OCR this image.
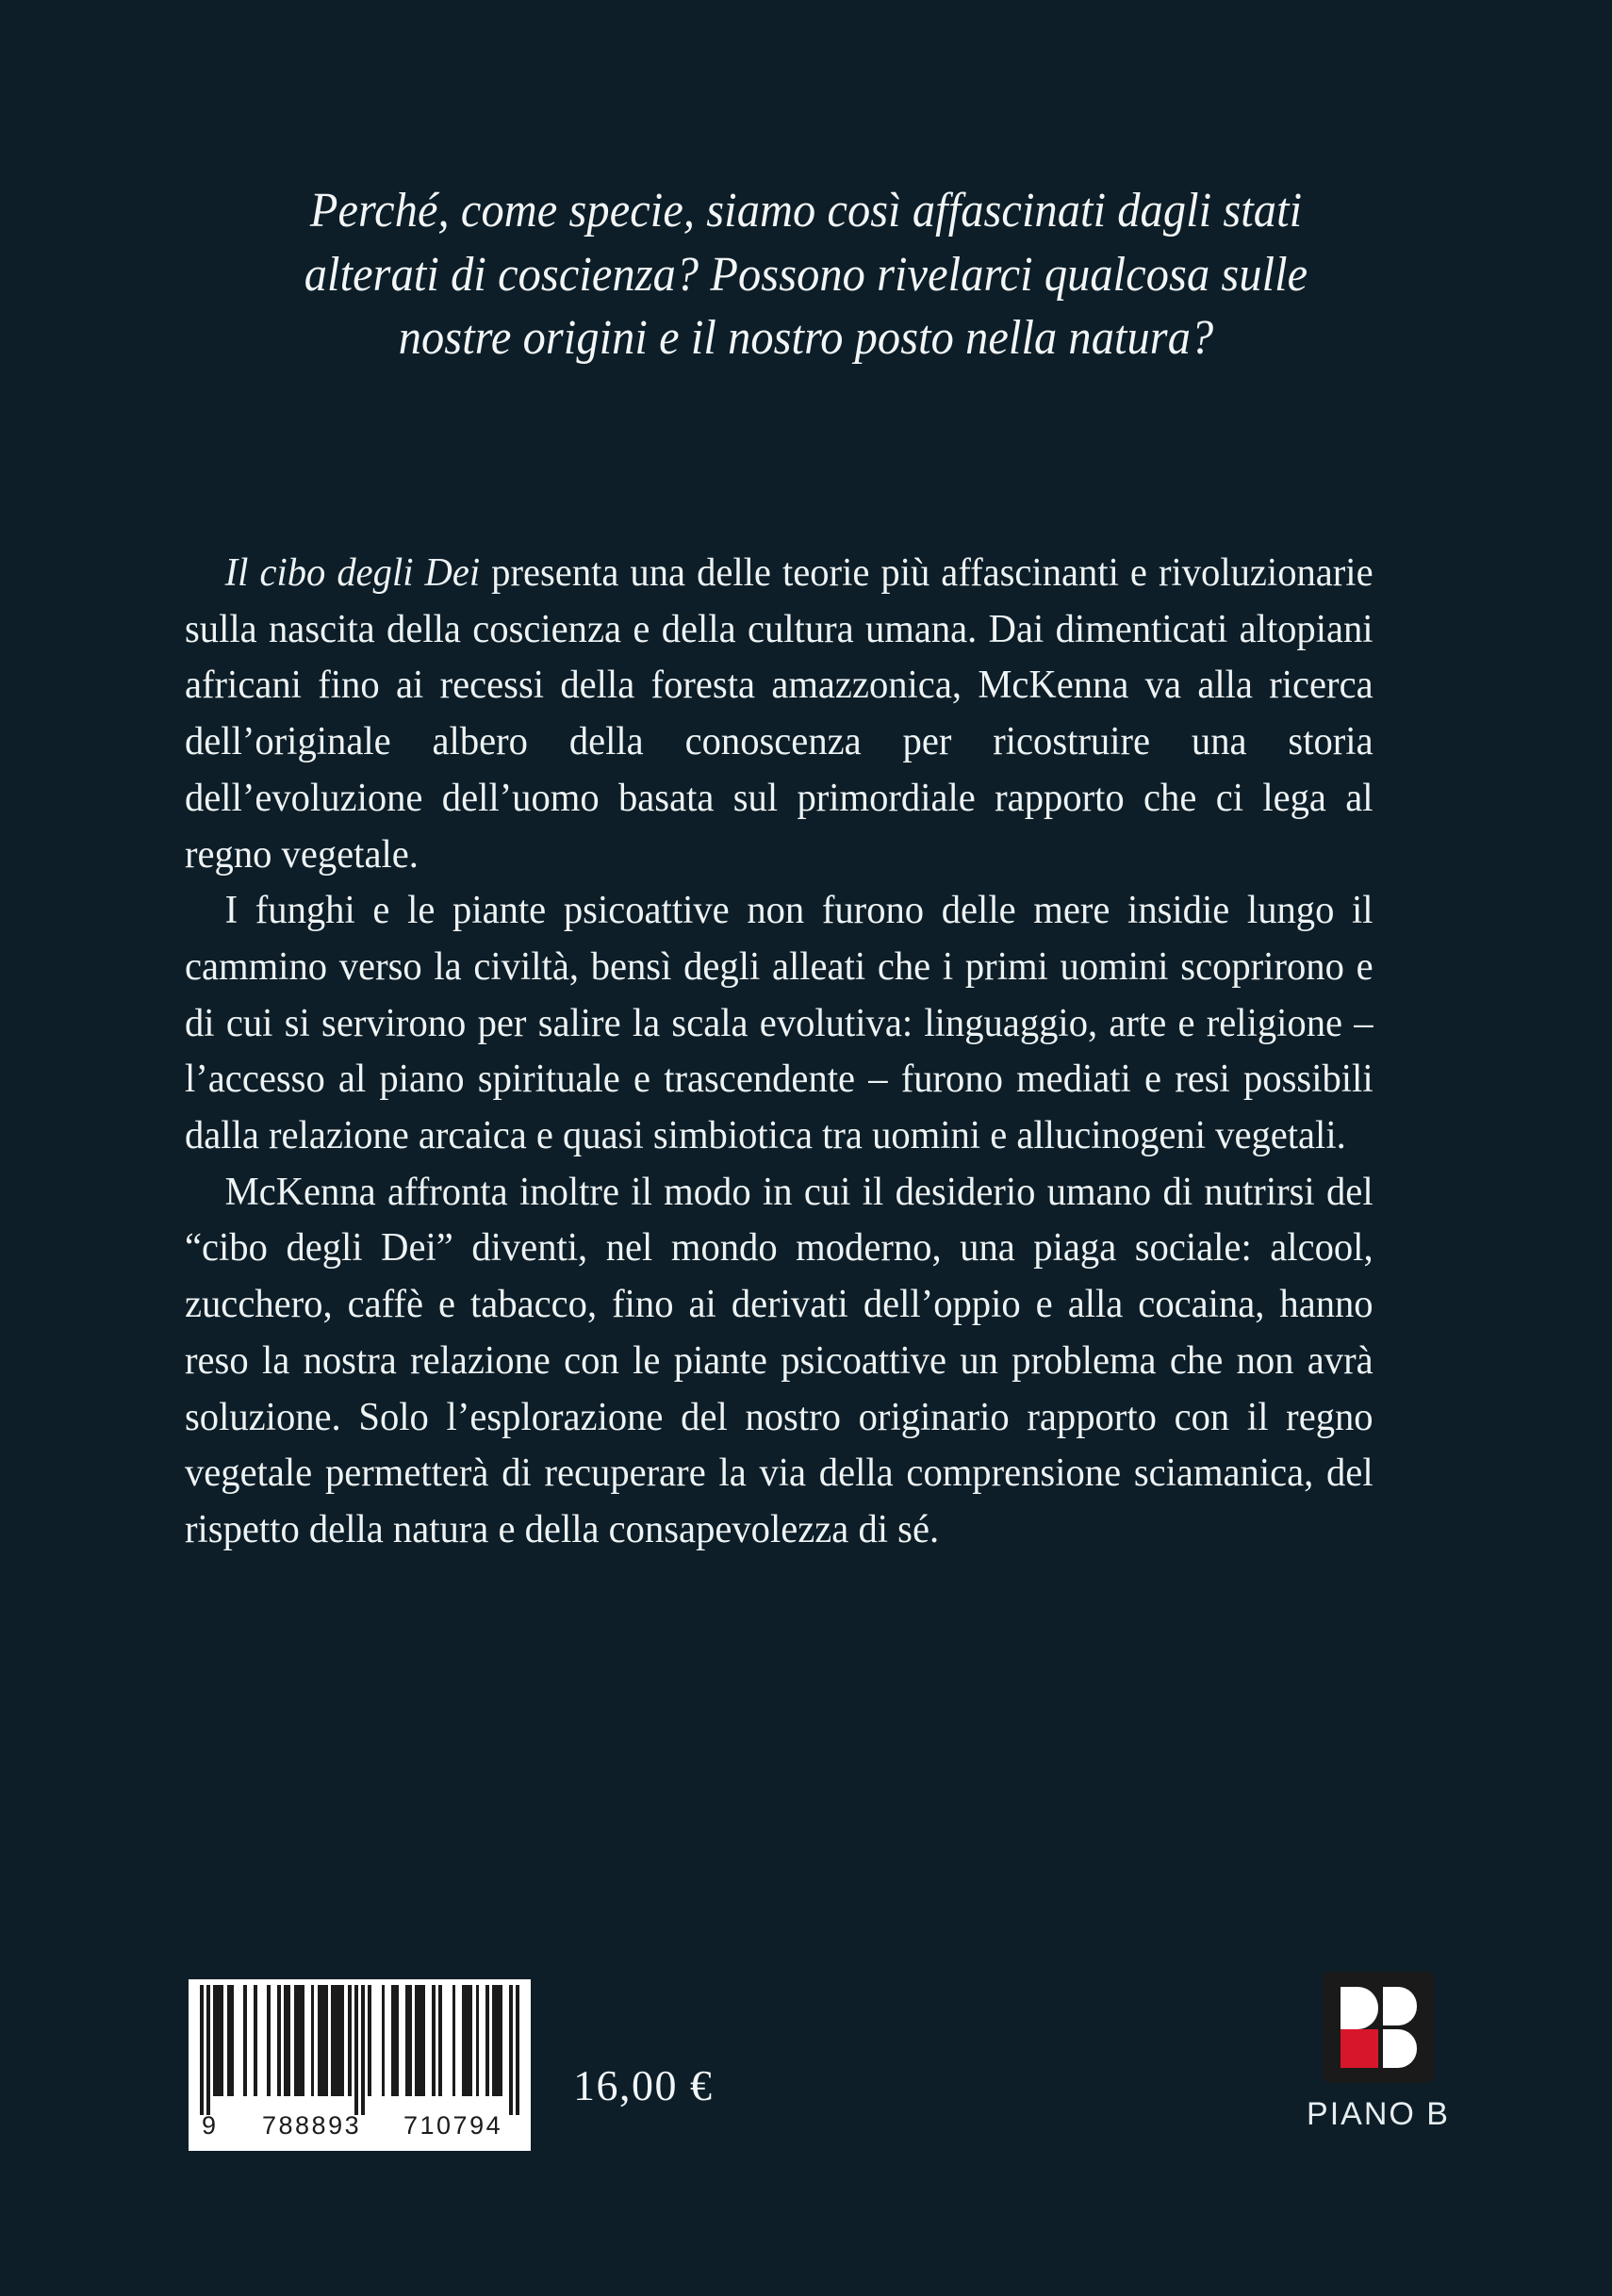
Perché, come specie, siamo così affascinati dagli stati
alterati di coscienza? Possono rivelarci qualcosa sulle
nostre origini e il nostro posto nella natura?

Il cibo degli Dei presenta una delle teorie più affascinanti e rivoluzionarie sulla nascita della coscienza e della cultura umana. Dai dimenticati altopiani africani fino ai recessi della foresta amazzonica, McKenna va alla ricerca dell’originale albero della conoscenza per ricostruire una storia dell’evoluzione dell’uomo basata sul primordiale rapporto che ci lega al regno vegetale.

I funghi e le piante psicoattive non furono delle mere insidie lungo il cammino verso la civiltà, bensì degli alleati che i primi uomini scoprirono e di cui si servirono per salire la scala evolutiva: linguaggio, arte e religione – l’accesso al piano spirituale e trascendente – furono mediati e resi possibili dalla relazione arcaica e quasi simbiotica tra uomini e allucinogeni vegetali.

McKenna affronta inoltre il modo in cui il desiderio umano di nutrirsi del “cibo degli Dei” diventi, nel mondo moderno, una piaga sociale: alcool, zucchero, caffè e tabacco, fino ai derivati dell’oppio e alla cocaina, hanno reso la nostra relazione con le piante psicoattive un problema che non avrà soluzione. Solo l’esplorazione del nostro originario rapporto con il regno vegetale permetterà di recuperare la via della comprensione sciamanica, del rispetto della natura e della consapevolezza di sé.

9 788893 710794
16,00 €
PIANO B
